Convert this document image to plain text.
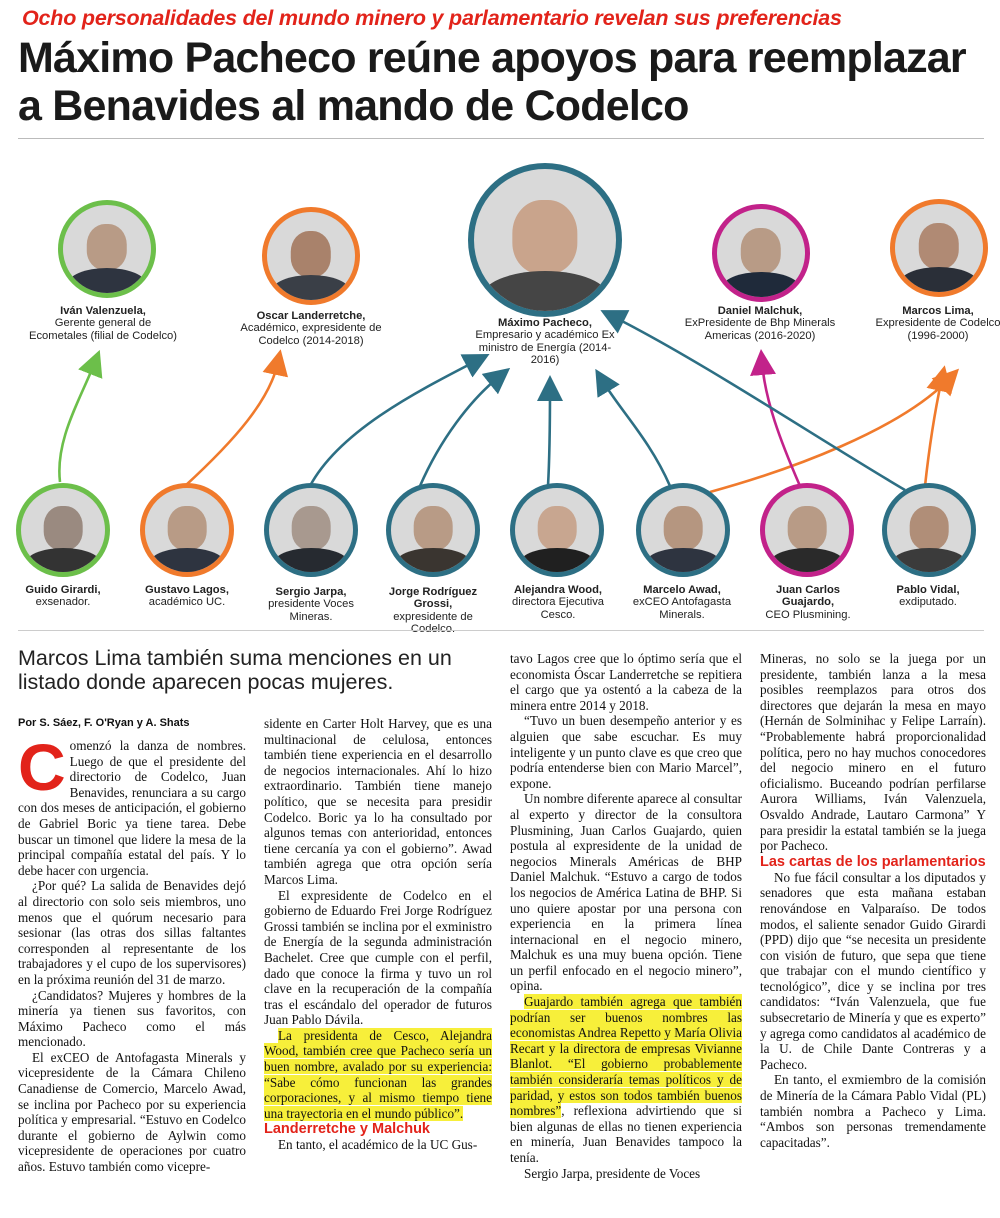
Ocho personalidades del mundo minero y parlamentario revelan sus preferencias
Máximo Pacheco reúne apoyos para reemplazar a Benavides al mando de Codelco
Iván Valenzuela,
Gerente general de Ecometales (filial de Codelco)
Oscar Landerretche,
Académico, expresidente de Codelco (2014-2018)
Máximo Pacheco,
Empresario y académico Ex ministro de Energía (2014-2016)
Daniel Malchuk,
ExPresidente de Bhp Minerals Americas (2016-2020)
Marcos Lima,
Expresidente de Codelco (1996-2000)
Guido Girardi,
exsenador.
Gustavo Lagos,
académico UC.
Sergio Jarpa,
presidente Voces Mineras.
Jorge Rodríguez Grossi,
expresidente de
Alejandra Wood,
directora Ejecutiva Cesco.
Marcelo Awad,
exCEO Antofagasta Minerals.
Juan Carlos Guajardo,
CEO Plusmining.
Pablo Vidal,
exdiputado.
Marcos Lima también suma menciones en un listado donde aparecen pocas mujeres.
Por S. Sáez, F. O'Ryan y A. Shats

Comenzó la danza de nombres. Luego de que el presidente del directorio de Codelco, Juan Benavides, renunciara a su cargo con dos meses de anticipación, el gobierno de Gabriel Boric ya tiene tarea. Debe buscar un timonel que lidere la mesa de la principal compañía estatal del país. Y lo debe hacer con urgencia.

¿Por qué? La salida de Benavides dejó al directorio con solo seis miembros, uno menos que el quórum necesario para sesionar (las otras dos sillas faltantes corresponden al representante de los trabajadores y el cupo de los supervisores) en la próxima reunión del 31 de marzo.

¿Candidatos? Mujeres y hombres de la minería ya tienen sus favoritos, con Máximo Pacheco como el más mencionado.

El exCEO de Antofagasta Minerals y vicepresidente de la Cámara Chileno Canadiense de Comercio, Marcelo Awad, se inclina por Pacheco por su experiencia política y empresarial. “Estuvo en Codelco durante el gobierno de Aylwin como vicepresidente de operaciones por cuatro años. Estuvo también como vicepre-

sidente en Carter Holt Harvey, que es una multinacional de celulosa, entonces también tiene experiencia en el desarrollo de negocios internacionales. Ahí lo hizo extraordinario. También tiene manejo político, que se necesita para presidir Codelco. Boric ya lo ha consultado por algunos temas con anterioridad, entonces tiene cercanía ya con el gobierno”. Awad también agrega que otra opción sería Marcos Lima.

El expresidente de Codelco en el gobierno de Eduardo Frei Jorge Rodríguez Grossi también se inclina por el exministro de Energía de la segunda administración Bachelet. Cree que cumple con el perfil, dado que conoce la firma y tuvo un rol clave en la recuperación de la compañía tras el escándalo del operador de futuros Juan Pablo Dávila.

La presidenta de Cesco, Alejandra Wood, también cree que Pacheco sería un buen nombre, avalado por su experiencia: “Sabe cómo funcionan las grandes corporaciones, y al mismo tiempo tiene una trayectoria en el mundo público”.

Landerretche y Malchuk

En tanto, el académico de la UC Gus-

tavo Lagos cree que lo óptimo sería que el economista Óscar Landerretche se repitiera el cargo que ya ostentó a la cabeza de la minera entre 2014 y 2018.

“Tuvo un buen desempeño anterior y es alguien que sabe escuchar. Es muy inteligente y un punto clave es que creo que podría entenderse bien con Mario Marcel”, expone.

Un nombre diferente aparece al consultar al experto y director de la consultora Plusmining, Juan Carlos Guajardo, quien postula al expresidente de la unidad de negocios Minerals Américas de BHP Daniel Malchuk. “Estuvo a cargo de todos los negocios de América Latina de BHP. Si uno quiere apostar por una persona con experiencia en la primera línea internacional en el negocio minero, Malchuk es una muy buena opción. Tiene un perfil enfocado en el negocio minero”, opina.

Guajardo también agrega que también podrían ser buenos nombres las economistas Andrea Repetto y María Olivia Recart y la directora de empresas Vivianne Blanlot. “El gobierno probablemente también consideraría temas políticos y de paridad, y estos son todos también buenos nombres”, reflexiona advirtiendo que si bien algunas de ellas no tienen experiencia en minería, Juan Benavides tampoco la tenía.

Sergio Jarpa, presidente de Voces

Mineras, no solo se la juega por un presidente, también lanza a la mesa posibles reemplazos para otros dos directores que dejarán la mesa en mayo (Hernán de Solminihac y Felipe Larraín). “Probablemente habrá proporcionalidad política, pero no hay muchos conocedores del negocio minero en el futuro oficialismo. Buceando podrían perfilarse Aurora Williams, Iván Valenzuela, Osvaldo Andrade, Lautaro Carmona” Y para presidir la estatal también se la juega por Pacheco.

Las cartas de los parlamentarios

No fue fácil consultar a los diputados y senadores que esta mañana estaban renovándose en Valparaíso. De todos modos, el saliente senador Guido Girardi (PPD) dijo que “se necesita un presidente con visión de futuro, que sepa que tiene que trabajar con el mundo científico y tecnológico”, dice y se inclina por tres candidatos: “Iván Valenzuela, que fue subsecretario de Minería y que es experto” y agrega como candidatos al académico de la U. de Chile Dante Contreras y a Pacheco.

En tanto, el exmiembro de la comisión de Minería de la Cámara Pablo Vidal (PL) también nombra a Pacheco y Lima. “Ambos son personas tremendamente capacitadas”.
